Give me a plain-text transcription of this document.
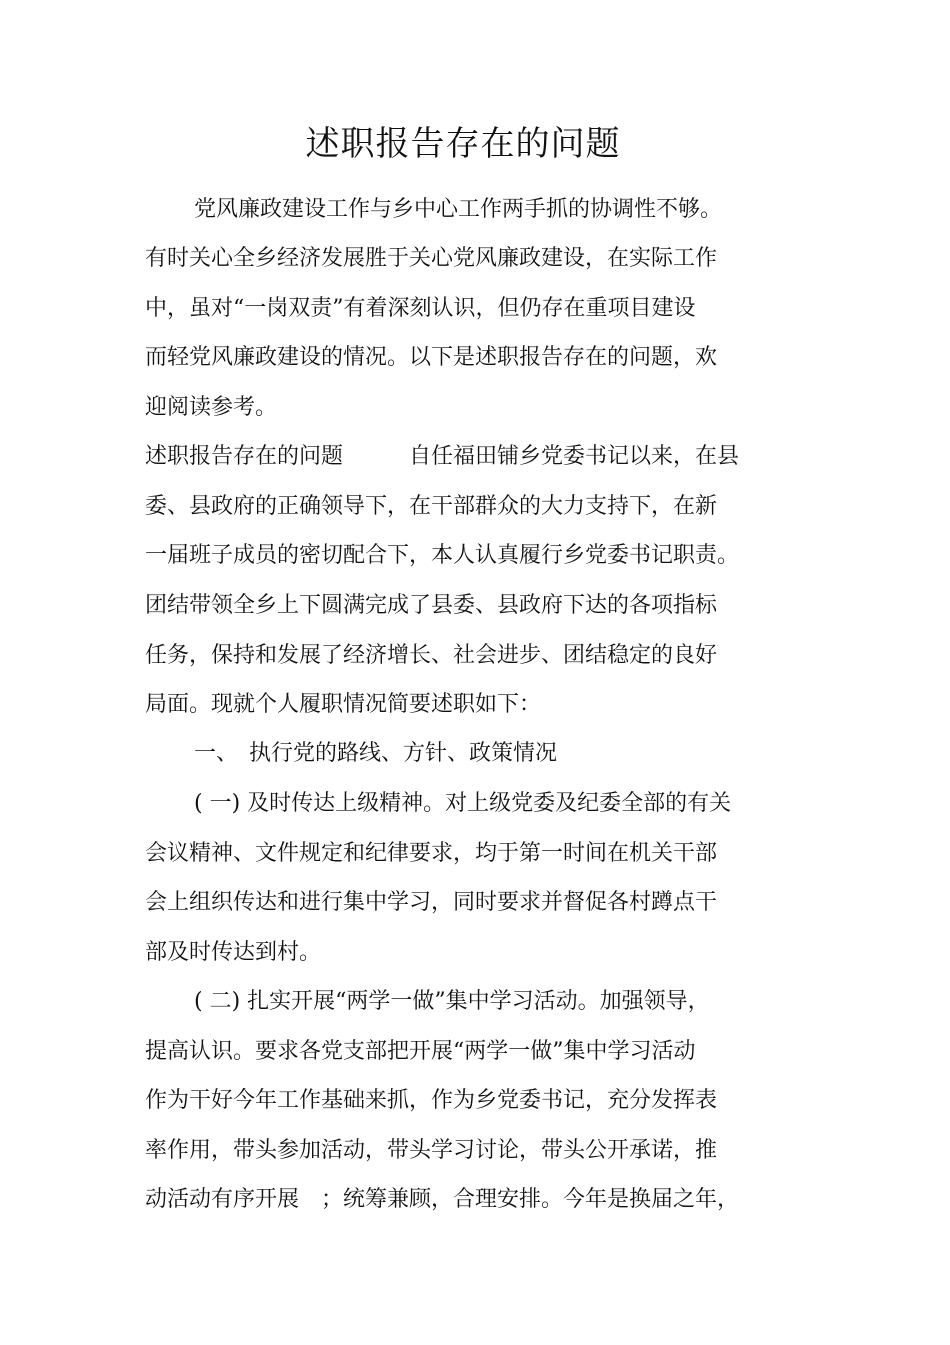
述职报告存在的问题
党风廉政建设工作与乡中心工作两手抓的协调性不够。
有时关心全乡经济发展胜于关心党风廉政建设，在实际工作
中，虽对“一岗双责”有着深刻认识，但仍存在重项目建设
而轻党风廉政建设的情况。以下是述职报告存在的问题，欢
迎阅读参考。
述职报告存在的问题　　　自任福田铺乡党委书记以来，在县
委、县政府的正确领导下，在干部群众的大力支持下，在新
一届班子成员的密切配合下，本人认真履行乡党委书记职责。
团结带领全乡上下圆满完成了县委、县政府下达的各项指标
任务，保持和发展了经济增长、社会进步、团结稳定的良好
局面。现就个人履职情况简要述职如下：
一、　执行党的路线、方针、政策情况
( 一) 及时传达上级精神。对上级党委及纪委全部的有关
会议精神、文件规定和纪律要求，均于第一时间在机关干部
会上组织传达和进行集中学习，同时要求并督促各村蹲点干
部及时传达到村。
( 二) 扎实开展“两学一做”集中学习活动。加强领导，
提高认识。要求各党支部把开展“两学一做”集中学习活动
作为干好今年工作基础来抓，作为乡党委书记，充分发挥表
率作用，带头参加活动，带头学习讨论，带头公开承诺，推
动活动有序开展　；统筹兼顾，合理安排。今年是换届之年，
